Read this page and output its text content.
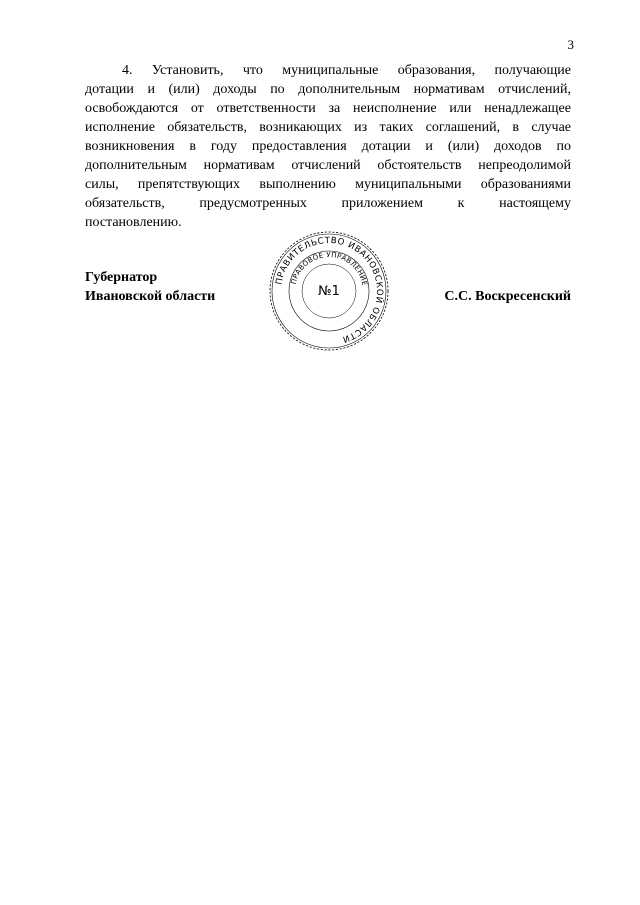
3
4. Установить, что муниципальные образования, получающие
дотации и (или) доходы по дополнительным нормативам отчислений,
освобождаются от ответственности за неисполнение или ненадлежащее
исполнение обязательств, возникающих из таких соглашений, в случае
возникновения в году предоставления дотации и (или) доходов по
дополнительным нормативам отчислений обстоятельств непреодолимой
силы, препятствующих выполнению муниципальными образованиями
обязательств, предусмотренных приложением к настоящему
постановлению.
Губернатор
Ивановской области	С.С. Воскресенский
ПРАВИТЕЛЬСТВО ИВАНОВСКОЙ ОБЛАСТИ
ПРАВОВОЕ УПРАВЛЕНИЕ
№1
